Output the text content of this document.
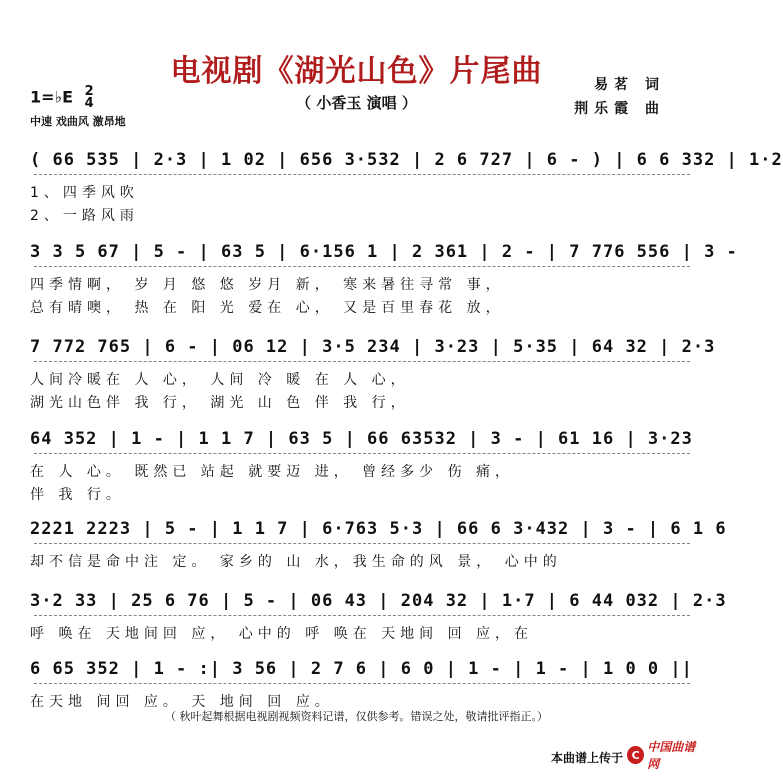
电视剧《湖光山色》片尾曲
（ 小香玉 演唱 ）
易茗 词
荆乐霞 曲
1=♭E 2
4
中速 戏曲风 激昂地
( 66 535 | 2·3 | 1 02 | 656 3·532 | 2 6 727 | 6 - ) | 6 6 332 | 1·2
1、四季风吹
2、一路风雨
3 3 5 67 | 5 - | 63 5 | 6·156 1 | 2 361 | 2 - | 7 776 556 | 3 -
四季情啊， 岁 月 悠 悠 岁月 新， 寒来暑往寻常 事，
总有晴噢， 热 在 阳 光 爱在 心， 又是百里春花 放，
7 772 765 | 6 - | 06 12 | 3·5 234 | 3·23 | 5·35 | 64 32 | 2·3
人间冷暖在 人 心， 人间 冷 暖 在 人 心，
湖光山色伴 我 行， 湖光 山 色 伴 我 行，
64 352 | 1 - | 1 1 7 | 63 5 | 66 63532 | 3 - | 61 16 | 3·23
在 人 心。 既然已 站起 就要迈 进， 曾经多少 伤 痛，
伴 我 行。
2221 2223 | 5 - | 1 1 7 | 6·763 5·3 | 66 6 3·432 | 3 - | 6 1 6
却不信是命中注 定。 家乡的 山 水，我生命的风 景， 心中的
3·2 33 | 25 6 76 | 5 - | 06 43 | 204 32 | 1·7 | 6 44 032 | 2·3
呼 唤在 天地间回 应， 心中的 呼 唤在 天地间 回 应，在
6 65 352 | 1 - :| 3 56 | 2 7 6 | 6 0 | 1 - | 1 - | 1 0 0 ||
在天地 间回 应。 天 地间 回 应。
（ 秋叶起舞根据电视剧视频资料记谱，仅供参考。错误之处，敬请批评指正。）
本曲谱上传于 C
中国曲谱网
